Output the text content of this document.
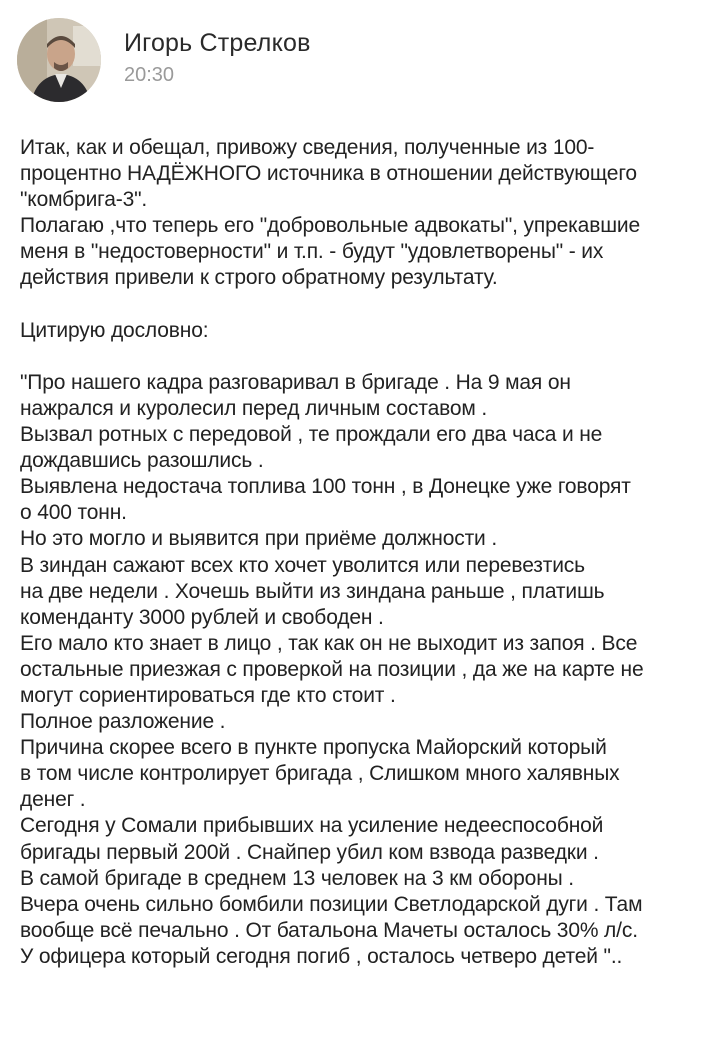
Игорь Стрелков
20:30
Итак, как и обещал, привожу сведения, полученные из 100-
процентно НАДЁЖНОГО источника в отношении действующего
"комбрига-3".
Полагаю ,что теперь его "добровольные адвокаты", упрекавшие
меня в "недостоверности" и т.п. - будут "удовлетворены" - их
действия привели к строго обратному результату.
Цитирую дословно:
"Про нашего кадра разговаривал в бригаде . На 9 мая он
нажрался и куролесил перед личным составом .
Вызвал ротных с передовой , те прождали его два часа и не
дождавшись разошлись .
Выявлена недостача топлива 100 тонн , в Донецке уже говорят
о 400 тонн.
Но это могло и выявится при приёме должности .
В зиндан сажают всех кто хочет уволится или перевезтись
на две недели . Хочешь выйти из зиндана раньше , платишь
коменданту 3000 рублей и свободен .
Его мало кто знает в лицо , так как он не выходит из запоя . Все
остальные приезжая с проверкой на позиции , да же на карте не
могут сориентироваться где кто стоит .
Полное разложение .
Причина скорее всего в пункте пропуска Майорский который
в том числе контролирует бригада , Слишком много халявных
денег .
Сегодня у Сомали прибывших на усиление недееспособной
бригады первый 200й . Снайпер убил ком взвода разведки .
В самой бригаде в среднем 13 человек на 3 км обороны .
Вчера очень сильно бомбили позиции Светлодарской дуги . Там
вообще всё печально . От батальона Мачеты осталось 30% л/с.
У офицера который сегодня погиб , осталось четверо детей "..
